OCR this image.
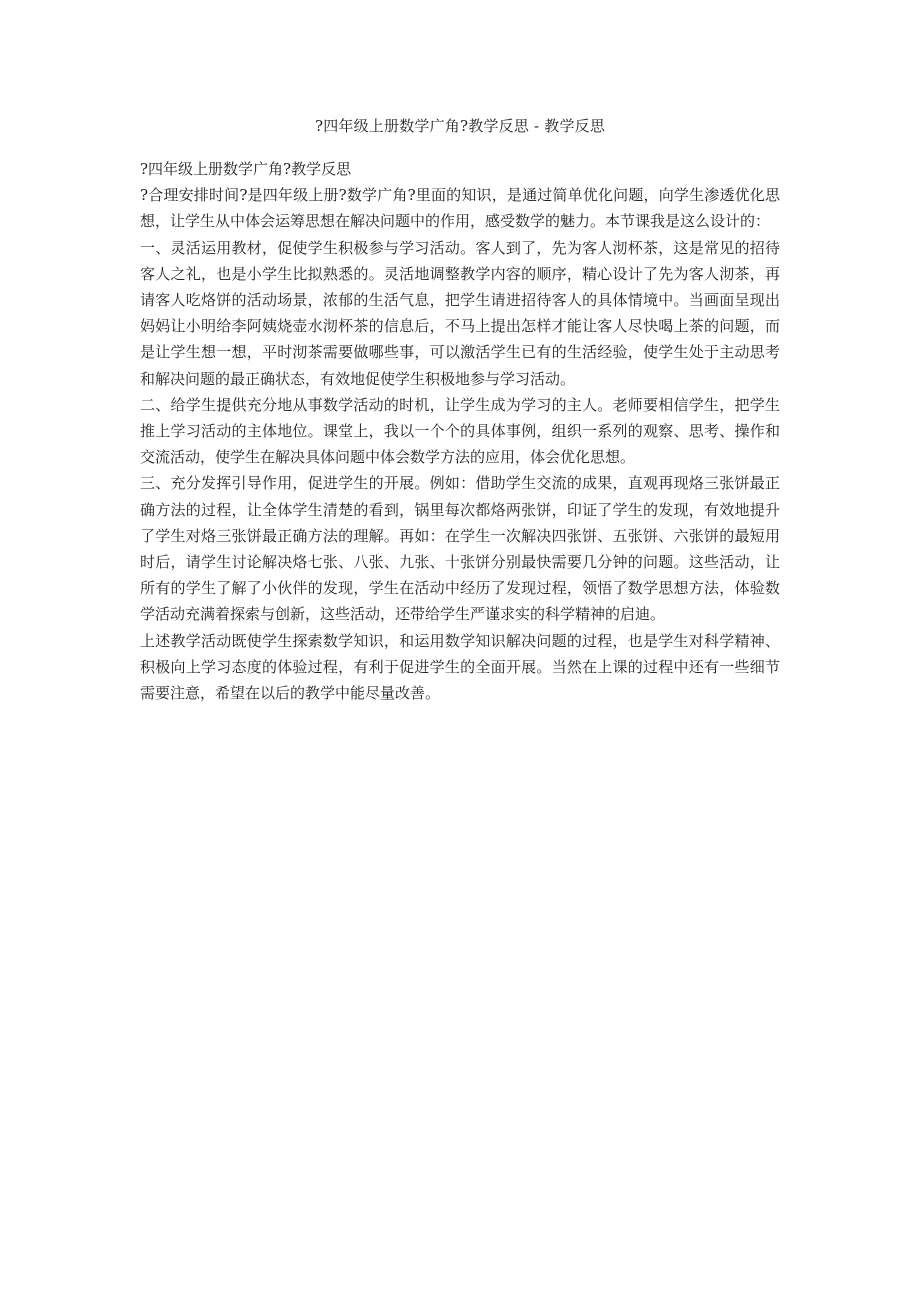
?四年级上册数学广角?教学反思 - 教学反思

?四年级上册数学广角?教学反思

?合理安排时间?是四年级上册?数学广角?里面的知识，是通过简单优化问题，向学生渗透优化思想，让学生从中体会运筹思想在解决问题中的作用，感受数学的魅力。本节课我是这么设计的：

一、灵活运用教材，促使学生积极参与学习活动。客人到了，先为客人沏杯茶，这是常见的招待客人之礼，也是小学生比拟熟悉的。灵活地调整教学内容的顺序，精心设计了先为客人沏茶，再请客人吃烙饼的活动场景，浓郁的生活气息，把学生请进招待客人的具体情境中。当画面呈现出妈妈让小明给李阿姨烧壶水沏杯茶的信息后，不马上提出怎样才能让客人尽快喝上茶的问题，而是让学生想一想，平时沏茶需要做哪些事，可以激活学生已有的生活经验，使学生处于主动思考和解决问题的最正确状态，有效地促使学生积极地参与学习活动。

二、给学生提供充分地从事数学活动的时机，让学生成为学习的主人。老师要相信学生，把学生推上学习活动的主体地位。课堂上，我以一个个的具体事例，组织一系列的观察、思考、操作和交流活动，使学生在解决具体问题中体会数学方法的应用，体会优化思想。

三、充分发挥引导作用，促进学生的开展。例如：借助学生交流的成果，直观再现烙三张饼最正确方法的过程，让全体学生清楚的看到，锅里每次都烙两张饼，印证了学生的发现，有效地提升了学生对烙三张饼最正确方法的理解。再如：在学生一次解决四张饼、五张饼、六张饼的最短用时后，请学生讨论解决烙七张、八张、九张、十张饼分别最快需要几分钟的问题。这些活动，让所有的学生了解了小伙伴的发现，学生在活动中经历了发现过程，领悟了数学思想方法，体验数学活动充满着探索与创新，这些活动，还带给学生严谨求实的科学精神的启迪。

上述教学活动既使学生探索数学知识，和运用数学知识解决问题的过程，也是学生对科学精神、积极向上学习态度的体验过程，有利于促进学生的全面开展。当然在上课的过程中还有一些细节需要注意，希望在以后的教学中能尽量改善。
